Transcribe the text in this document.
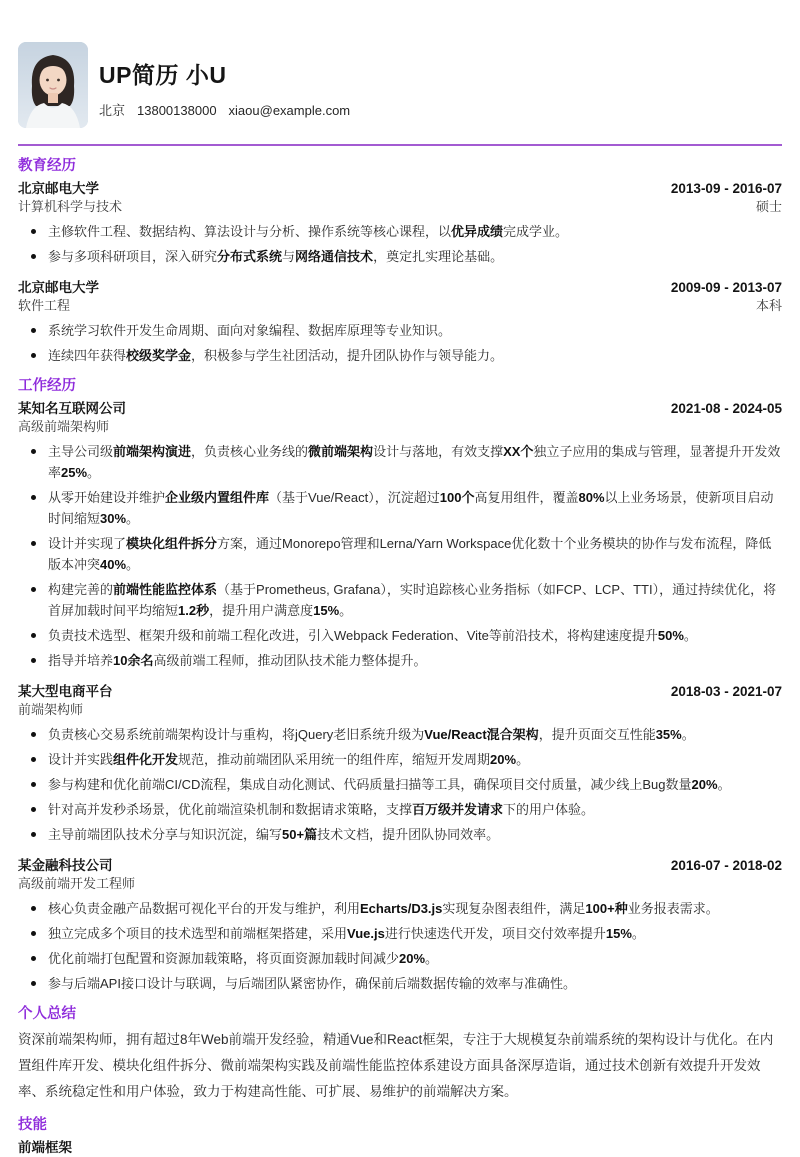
UP简历 小U
北京 13800138000 xiaou@example.com
教育经历
北京邮电大学	2013-09 - 2016-07
计算机科学与技术	硕士
主修软件工程、数据结构、算法设计与分析、操作系统等核心课程，以优异成绩完成学业。
参与多项科研项目，深入研究分布式系统与网络通信技术，奠定扎实理论基础。
北京邮电大学	2009-09 - 2013-07
软件工程	本科
系统学习软件开发生命周期、面向对象编程、数据库原理等专业知识。
连续四年获得校级奖学金，积极参与学生社团活动，提升团队协作与领导能力。
工作经历
某知名互联网公司	2021-08 - 2024-05
高级前端架构师
主导公司级前端架构演进，负责核心业务线的微前端架构设计与落地，有效支撑XX个独立子应用的集成与管理，显著提升开发效率25%。
从零开始建设并维护企业级内置组件库（基于Vue/React），沉淀超过100个高复用组件，覆盖80%以上业务场景，使新项目启动时间缩短30%。
设计并实现了模块化组件拆分方案，通过Monorepo管理和Lerna/Yarn Workspace优化数十个业务模块的协作与发布流程，降低版本冲突40%。
构建完善的前端性能监控体系（基于Prometheus, Grafana），实时追踪核心业务指标（如FCP、LCP、TTI），通过持续优化，将首屏加载时间平均缩短1.2秒，提升用户满意度15%。
负责技术选型、框架升级和前端工程化改进，引入Webpack Federation、Vite等前沿技术，将构建速度提升50%。
指导并培养10余名高级前端工程师，推动团队技术能力整体提升。
某大型电商平台	2018-03 - 2021-07
前端架构师
负责核心交易系统前端架构设计与重构，将jQuery老旧系统升级为Vue/React混合架构，提升页面交互性能35%。
设计并实践组件化开发规范，推动前端团队采用统一的组件库，缩短开发周期20%。
参与构建和优化前端CI/CD流程，集成自动化测试、代码质量扫描等工具，确保项目交付质量，减少线上Bug数量20%。
针对高并发秒杀场景，优化前端渲染机制和数据请求策略，支撑百万级并发请求下的用户体验。
主导前端团队技术分享与知识沉淀，编写50+篇技术文档，提升团队协同效率。
某金融科技公司	2016-07 - 2018-02
高级前端开发工程师
核心负责金融产品数据可视化平台的开发与维护，利用Echarts/D3.js实现复杂图表组件，满足100+种业务报表需求。
独立完成多个项目的技术选型和前端框架搭建，采用Vue.js进行快速迭代开发，项目交付效率提升15%。
优化前端打包配置和资源加载策略，将页面资源加载时间减少20%。
参与后端API接口设计与联调，与后端团队紧密协作，确保前后端数据传输的效率与准确性。
个人总结

资深前端架构师，拥有超过8年Web前端开发经验，精通Vue和React框架，专注于大规模复杂前端系统的架构设计与优化。在内置组件库开发、模块化组件拆分、微前端架构实践及前端性能监控体系建设方面具备深厚造诣，通过技术创新有效提升开发效率、系统稳定性和用户体验，致力于构建高性能、可扩展、易维护的前端解决方案。

技能
前端框架
